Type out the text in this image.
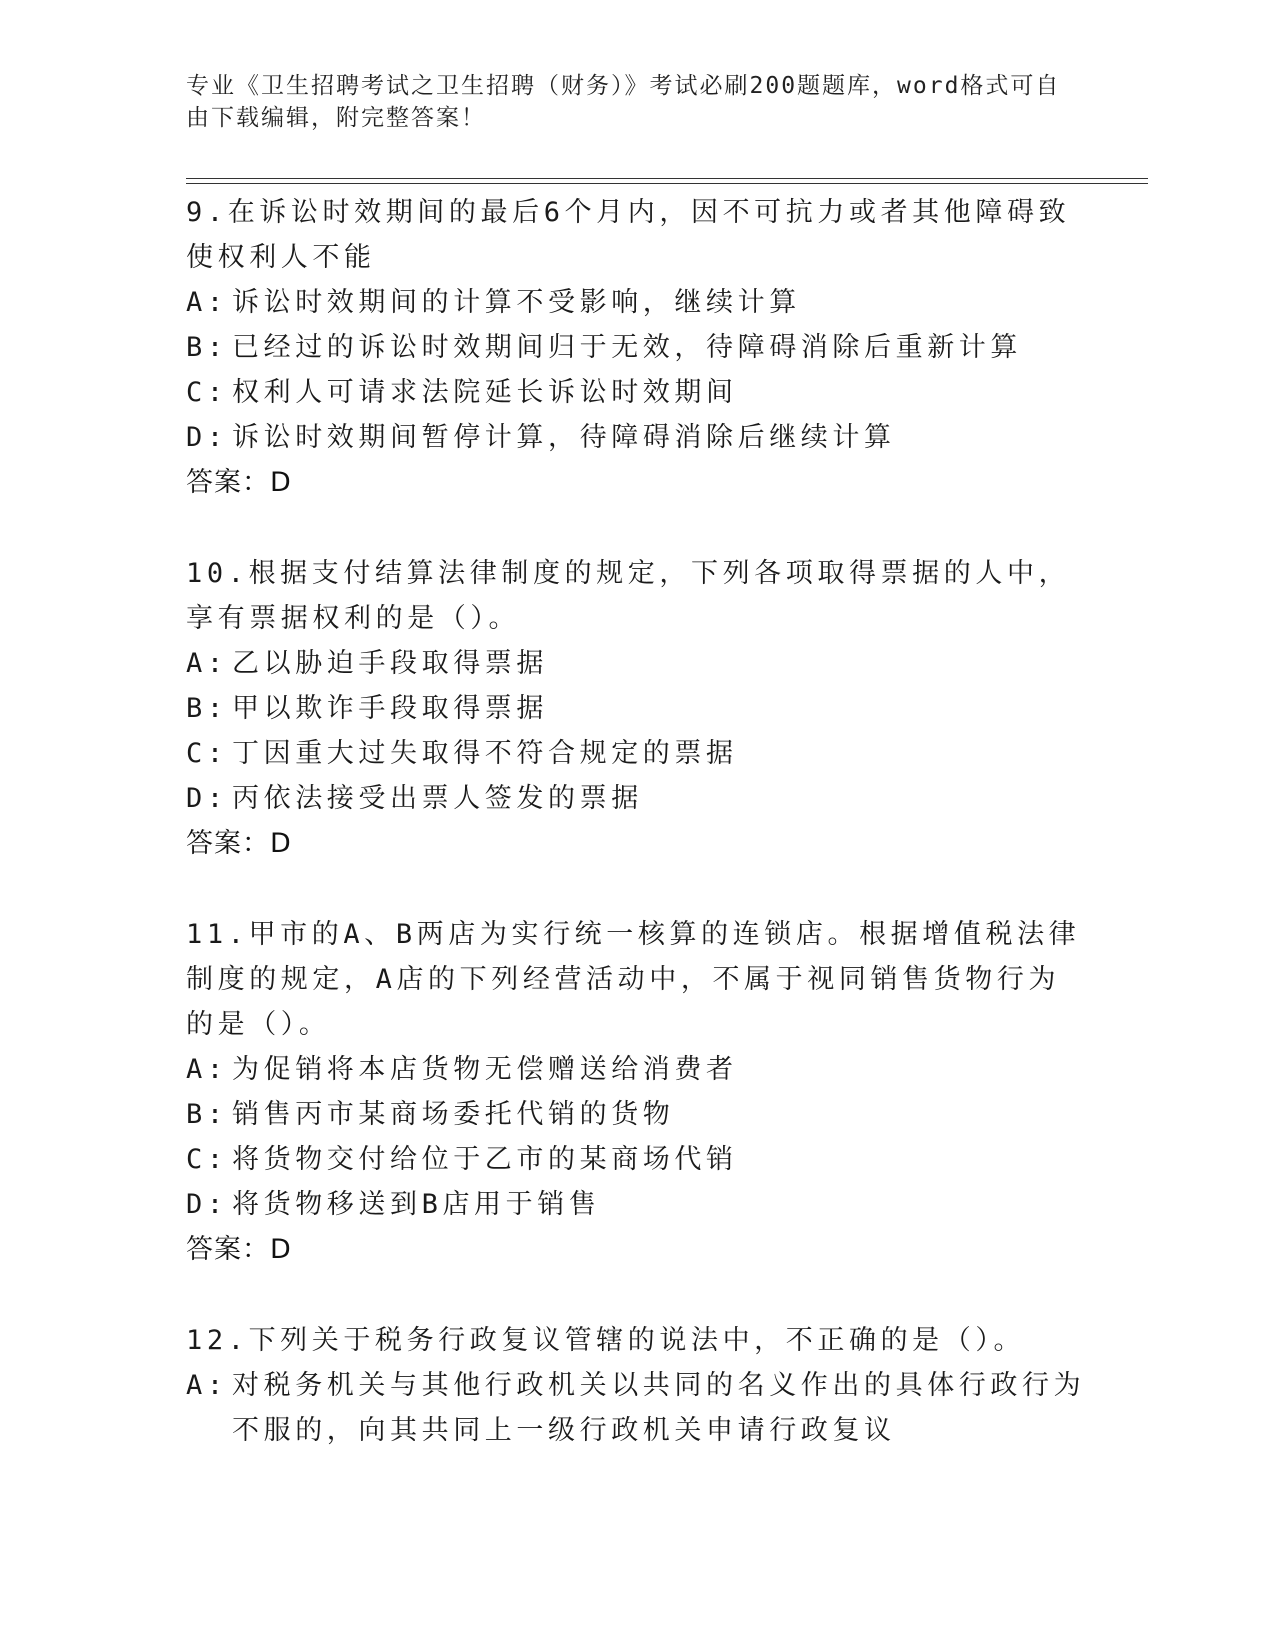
专业《卫生招聘考试之卫生招聘（财务）》考试必刷200题题库，word格式可自由下载编辑，附完整答案！

9.在诉讼时效期间的最后6个月内，因不可抗力或者其他障碍致使权利人不能

A: 诉讼时效期间的计算不受影响，继续计算
B: 已经过的诉讼时效期间归于无效，待障碍消除后重新计算
C: 权利人可请求法院延长诉讼时效期间
D: 诉讼时效期间暂停计算，待障碍消除后继续计算
答案：D

10.根据支付结算法律制度的规定，下列各项取得票据的人中，享有票据权利的是（）。

A: 乙以胁迫手段取得票据
B: 甲以欺诈手段取得票据
C: 丁因重大过失取得不符合规定的票据
D: 丙依法接受出票人签发的票据
答案：D

11.甲市的A、B两店为实行统一核算的连锁店。根据增值税法律制度的规定，A店的下列经营活动中，不属于视同销售货物行为的是（）。

A: 为促销将本店货物无偿赠送给消费者
B: 销售丙市某商场委托代销的货物
C: 将货物交付给位于乙市的某商场代销
D: 将货物移送到B店用于销售
答案：D

12.下列关于税务行政复议管辖的说法中，不正确的是（）。

A: 对税务机关与其他行政机关以共同的名义作出的具体行政行为不服的，向其共同上一级行政机关申请行政复议
